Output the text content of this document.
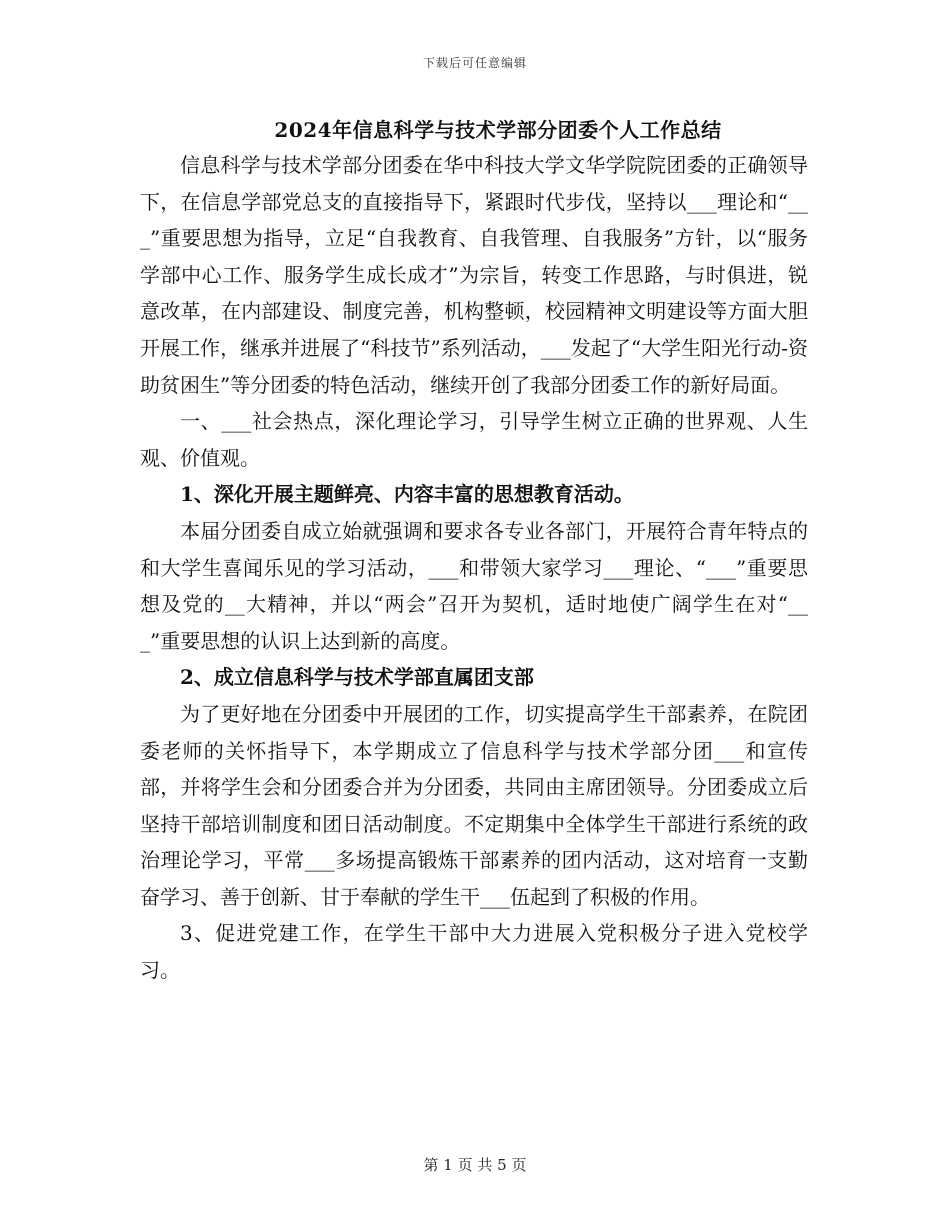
下载后可任意编辑
2024年信息科学与技术学部分团委个人工作总结

信息科学与技术学部分团委在华中科技大学文华学院院团委的正确领导下，在信息学部党总支的直接指导下，紧跟时代步伐，坚持以___理论和“___”重要思想为指导，立足“自我教育、自我管理、自我服务”方针，以“服务学部中心工作、服务学生成长成才”为宗旨，转变工作思路，与时俱进，锐意改革，在内部建设、制度完善，机构整顿，校园精神文明建设等方面大胆开展工作，继承并进展了“科技节”系列活动，___发起了“大学生阳光行动-资助贫困生”等分团委的特色活动，继续开创了我部分团委工作的新好局面。

一、___社会热点，深化理论学习，引导学生树立正确的世界观、人生观、价值观。

1、深化开展主题鲜亮、内容丰富的思想教育活动。

本届分团委自成立始就强调和要求各专业各部门，开展符合青年特点的和大学生喜闻乐见的学习活动，___和带领大家学习___理论、“___”重要思想及党的__大精神，并以“两会”召开为契机，适时地使广阔学生在对“___”重要思想的认识上达到新的高度。

2、成立信息科学与技术学部直属团支部

为了更好地在分团委中开展团的工作，切实提高学生干部素养，在院团委老师的关怀指导下，本学期成立了信息科学与技术学部分团___和宣传部，并将学生会和分团委合并为分团委，共同由主席团领导。分团委成立后坚持干部培训制度和团日活动制度。不定期集中全体学生干部进行系统的政治理论学习，平常___多场提高锻炼干部素养的团内活动，这对培育一支勤奋学习、善于创新、甘于奉献的学生干___伍起到了积极的作用。

3、促进党建工作，在学生干部中大力进展入党积极分子进入党校学习。

第 1 页 共 5 页
